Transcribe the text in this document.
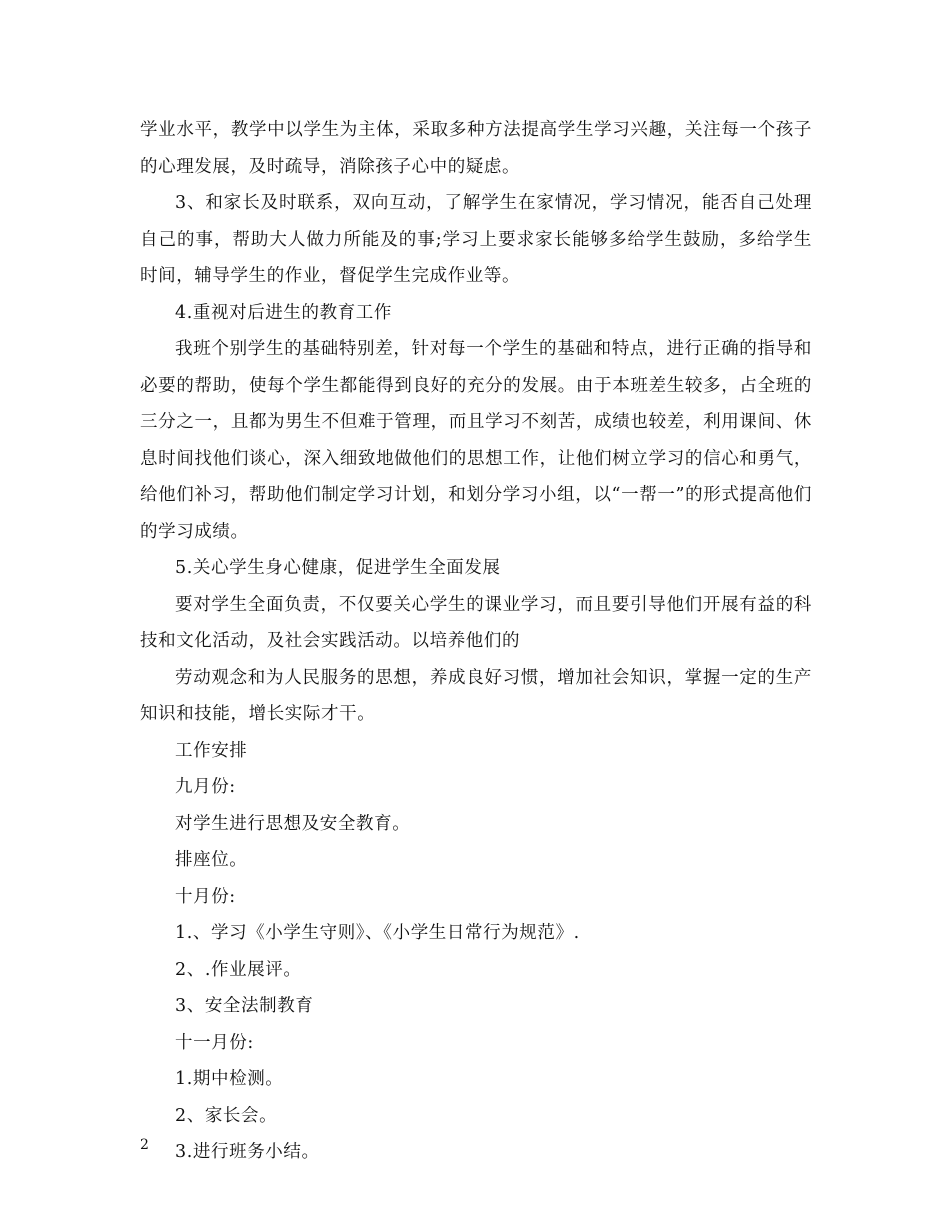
学业水平，教学中以学生为主体，采取多种方法提高学生学习兴趣，关注每一个孩子的心理发展，及时疏导，消除孩子心中的疑虑。

3、和家长及时联系，双向互动，了解学生在家情况，学习情况，能否自己处理自己的事，帮助大人做力所能及的事;学习上要求家长能够多给学生鼓励，多给学生时间，辅导学生的作业，督促学生完成作业等。

4.重视对后进生的教育工作

我班个别学生的基础特别差，针对每一个学生的基础和特点，进行正确的指导和必要的帮助，使每个学生都能得到良好的充分的发展。由于本班差生较多，占全班的三分之一，且都为男生不但难于管理，而且学习不刻苦，成绩也较差，利用课间、休息时间找他们谈心，深入细致地做他们的思想工作，让他们树立学习的信心和勇气，给他们补习，帮助他们制定学习计划，和划分学习小组，以“一帮一”的形式提高他们的学习成绩。

5.关心学生身心健康，促进学生全面发展

要对学生全面负责，不仅要关心学生的课业学习，而且要引导他们开展有益的科技和文化活动，及社会实践活动。以培养他们的

劳动观念和为人民服务的思想，养成良好习惯，增加社会知识，掌握一定的生产知识和技能，增长实际才干。

工作安排

九月份:

对学生进行思想及安全教育。

排座位。

十月份:

1.、学习《小学生守则》、《小学生日常行为规范》.

2、.作业展评。

3、安全法制教育

十一月份:

1.期中检测。

2、家长会。

3.进行班务小结。

2
